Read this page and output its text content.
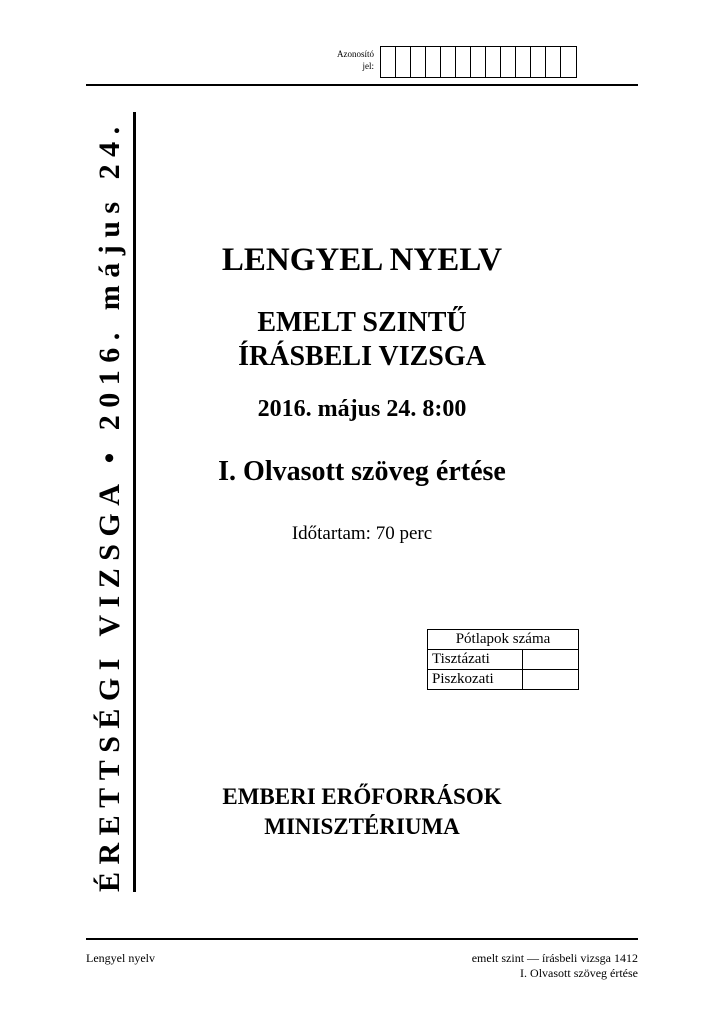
Azonosító
jel:
ÉRETTSÉGI VIZSGA • 2016. május 24.	LENGYEL NYELV
EMELT SZINTŰ
ÍRÁSBELI VIZSGA
2016. május 24. 8:00
I. Olvasott szöveg értése
Időtartam: 70 perc
Pótlapok száma	
Tisztázati	
Piszkozati	
EMBERI ERŐFORRÁSOK
MINISZTÉRIUMA
Lengyel nyelv	emelt szint — írásbeli vizsga 1412
I. Olvasott szöveg értése
